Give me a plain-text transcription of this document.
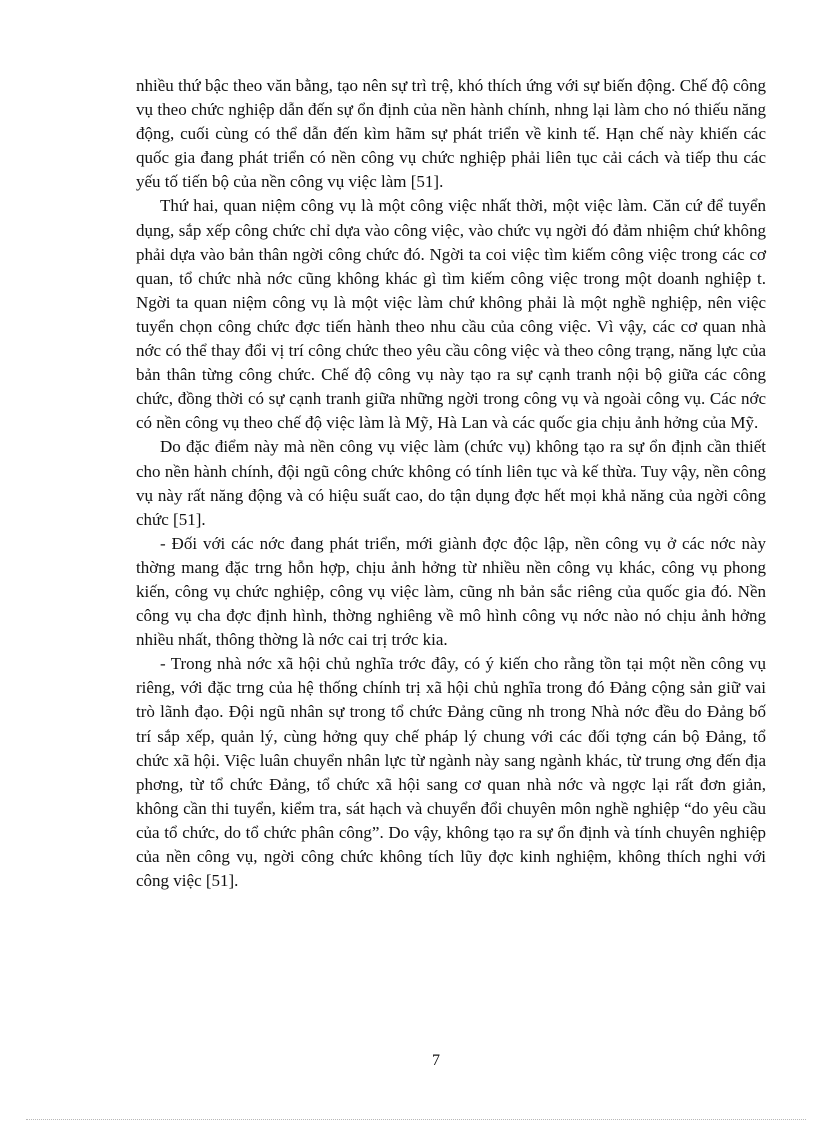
nhiều thứ bậc theo văn bằng, tạo nên sự trì trệ, khó thích ứng với sự biến động. Chế độ công vụ theo chức nghiệp dẫn đến sự ổn định của nền hành chính, nhng lại làm cho nó thiếu năng động, cuối cùng có thể dẫn đến kìm hãm sự phát triển về kinh tế. Hạn chế này khiến các quốc gia đang phát triển có nền công vụ chức nghiệp phải liên tục cải cách và tiếp thu các yếu tố tiến bộ của nền công vụ việc làm [51].

Thứ hai, quan niệm công vụ là một công việc nhất thời, một việc làm. Căn cứ để tuyển dụng, sắp xếp công chức chỉ dựa vào công việc, vào chức vụ ngời đó đảm nhiệm chứ không phải dựa vào bản thân ngời công chức đó. Ngời ta coi việc tìm kiếm công việc trong các cơ quan, tổ chức nhà nớc cũng không khác gì tìm kiếm công việc trong một doanh nghiệp t. Ngời ta quan niệm công vụ là một việc làm chứ không phải là một nghề nghiệp, nên việc tuyển chọn công chức đợc tiến hành theo nhu cầu của công việc. Vì vậy, các cơ quan nhà nớc có thể thay đổi vị trí công chức theo yêu cầu công việc và theo công trạng, năng lực của bản thân từng công chức. Chế độ công vụ này tạo ra sự cạnh tranh nội bộ giữa các công chức, đồng thời có sự cạnh tranh giữa những ngời trong công vụ và ngoài công vụ. Các nớc có nền công vụ theo chế độ việc làm là Mỹ, Hà Lan và các quốc gia chịu ảnh hởng của Mỹ.

Do đặc điểm này mà nền công vụ việc làm (chức vụ) không tạo ra sự ổn định cần thiết cho nền hành chính, đội ngũ công chức không có tính liên tục và kế thừa. Tuy vậy, nền công vụ này rất năng động và có hiệu suất cao, do tận dụng đợc hết mọi khả năng của ngời công chức [51].

- Đối với các nớc đang phát triển, mới giành đợc độc lập, nền công vụ ở các nớc này thờng mang đặc trng hỗn hợp, chịu ảnh hởng từ nhiều nền công vụ khác, công vụ phong kiến, công vụ chức nghiệp, công vụ việc làm, cũng nh bản sắc riêng của quốc gia đó. Nền công vụ cha đợc định hình, thờng nghiêng về mô hình công vụ nớc nào nó chịu ảnh hởng nhiều nhất, thông thờng là nớc cai trị trớc kia.

- Trong nhà nớc xã hội chủ nghĩa trớc đây, có ý kiến cho rằng tồn tại một nền công vụ riêng, với đặc trng của hệ thống chính trị xã hội chủ nghĩa trong đó Đảng cộng sản giữ vai trò lãnh đạo. Đội ngũ nhân sự trong tổ chức Đảng cũng nh trong Nhà nớc đều do Đảng bố trí sắp xếp, quản lý, cùng hởng quy chế pháp lý chung với các đối tợng cán bộ Đảng, tổ chức xã hội. Việc luân chuyển nhân lực từ ngành này sang ngành khác, từ trung ơng đến địa phơng, từ tổ chức Đảng, tổ chức xã hội sang cơ quan nhà nớc và ngợc lại rất đơn giản, không cần thi tuyển, kiểm tra, sát hạch và chuyển đổi chuyên môn nghề nghiệp “do yêu cầu của tổ chức, do tổ chức phân công”. Do vậy, không tạo ra sự ổn định và tính chuyên nghiệp của nền công vụ, ngời công chức không tích lũy đợc kinh nghiệm, không thích nghi với công việc [51].

7
